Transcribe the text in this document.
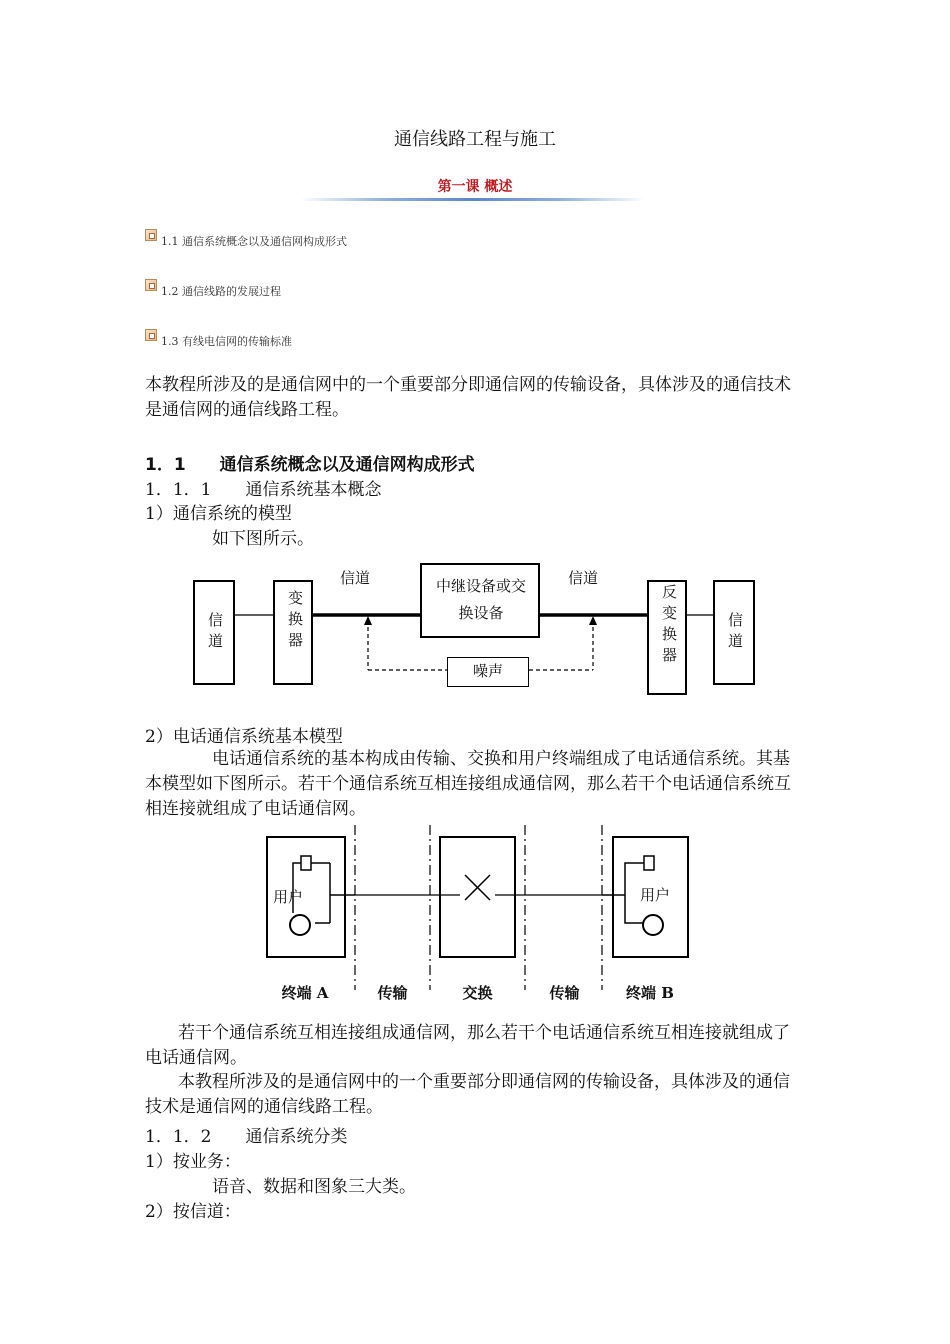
通信线路工程与施工
第一课 概述
1.1 通信系统概念以及通信网构成形式
1.2 通信线路的发展过程
1.3 有线电信网的传输标准
本教程所涉及的是通信网中的一个重要部分即通信网的传输设备，具体涉及的通信技术是通信网的通信线路工程。
1．1　　通信系统概念以及通信网构成形式
1．1．1　　通信系统基本概念
1）通信系统的模型
如下图所示。
信道	变换器
信道	中继设备或交换设备
信道
反变换器	信道
噪声
2）电话通信系统基本模型
电话通信系统的基本构成由传输、交换和用户终端组成了电话通信系统。其基本模型如下图所示。若干个通信系统互相连接组成通信网，那么若干个电话通信系统互相连接就组成了电话通信网。
用户	用户
终端 A	传输	交换	传输	终端 B
若干个通信系统互相连接组成通信网，那么若干个电话通信系统互相连接就组成了电话通信网。
本教程所涉及的是通信网中的一个重要部分即通信网的传输设备，具体涉及的通信技术是通信网的通信线路工程。
1．1．2　　通信系统分类
1）按业务：
语音、数据和图象三大类。
2）按信道：
